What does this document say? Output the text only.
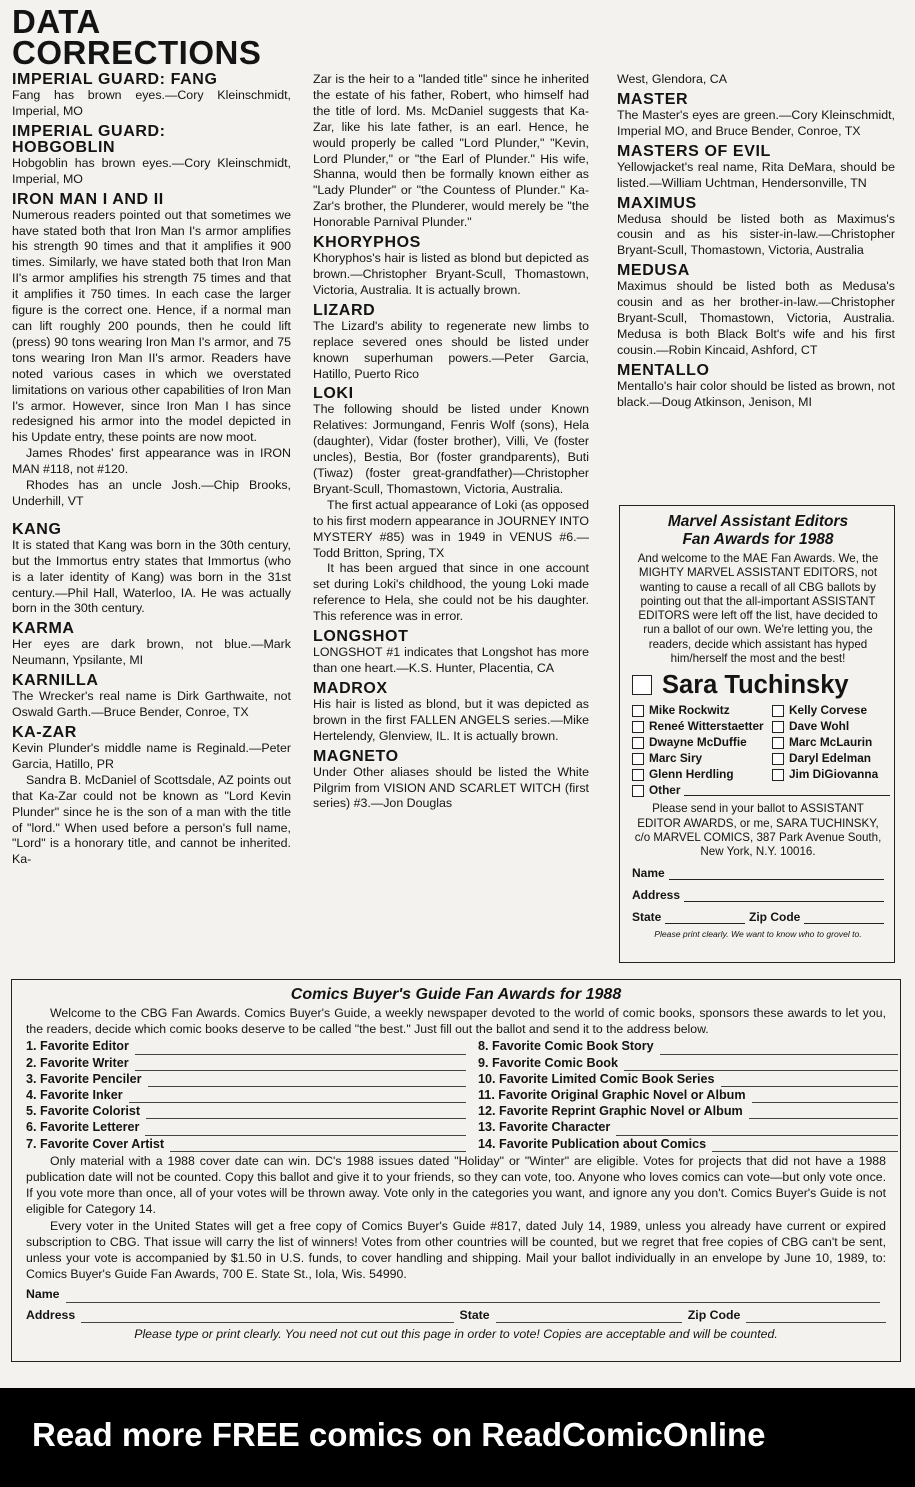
DATA
CORRECTIONS
IMPERIAL GUARD: FANG

Fang has brown eyes.—Cory Kleinschmidt, Imperial, MO

IMPERIAL GUARD:
HOBGOBLIN

Hobgoblin has brown eyes.—Cory Kleinschmidt, Imperial, MO

IRON MAN I AND II

Numerous readers pointed out that sometimes we have stated both that Iron Man I's armor amplifies his strength 90 times and that it amplifies it 900 times. Similarly, we have stated both that Iron Man II's armor amplifies his strength 75 times and that it amplifies it 750 times. In each case the larger figure is the correct one. Hence, if a normal man can lift roughly 200 pounds, then he could lift (press) 90 tons wearing Iron Man I's armor, and 75 tons wearing Iron Man II's armor. Readers have noted various cases in which we overstated limitations on various other capabilities of Iron Man I's armor. However, since Iron Man I has since redesigned his armor into the model depicted in his Update entry, these points are now moot.

James Rhodes' first appearance was in IRON MAN #118, not #120.

Rhodes has an uncle Josh.—Chip Brooks, Underhill, VT

KANG

It is stated that Kang was born in the 30th century, but the Immortus entry states that Immortus (who is a later identity of Kang) was born in the 31st century.—Phil Hall, Waterloo, IA. He was actually born in the 30th century.

KARMA

Her eyes are dark brown, not blue.—Mark Neumann, Ypsilante, MI

KARNILLA

The Wrecker's real name is Dirk Garthwaite, not Oswald Garth.—Bruce Bender, Conroe, TX

KA-ZAR

Kevin Plunder's middle name is Reginald.—Peter Garcia, Hatillo, PR

Sandra B. McDaniel of Scottsdale, AZ points out that Ka-Zar could not be known as "Lord Kevin Plunder" since he is the son of a man with the title of "lord." When used before a person's full name, "Lord" is a honorary title, and cannot be inherited. Ka-

Zar is the heir to a "landed title" since he inherited the estate of his father, Robert, who himself had the title of lord. Ms. McDaniel suggests that Ka-Zar, like his late father, is an earl. Hence, he would properly be called "Lord Plunder," "Kevin, Lord Plunder," or "the Earl of Plunder." His wife, Shanna, would then be formally known either as "Lady Plunder" or "the Countess of Plunder." Ka-Zar's brother, the Plunderer, would merely be "the Honorable Parnival Plunder."

KHORYPHOS

Khoryphos's hair is listed as blond but depicted as brown.—Christopher Bryant-Scull, Thomastown, Victoria, Australia. It is actually brown.

LIZARD

The Lizard's ability to regenerate new limbs to replace severed ones should be listed under known superhuman powers.—Peter Garcia, Hatillo, Puerto Rico

LOKI

The following should be listed under Known Relatives: Jormungand, Fenris Wolf (sons), Hela (daughter), Vidar (foster brother), Villi, Ve (foster uncles), Bestia, Bor (foster grandparents), Buti (Tiwaz) (foster great-grandfather)—Christopher Bryant-Scull, Thomastown, Victoria, Australia.

The first actual appearance of Loki (as opposed to his first modern appearance in JOURNEY INTO MYSTERY #85) was in 1949 in VENUS #6.—Todd Britton, Spring, TX

It has been argued that since in one account set during Loki's childhood, the young Loki made reference to Hela, she could not be his daughter. This reference was in error.

LONGSHOT

LONGSHOT #1 indicates that Longshot has more than one heart.—K.S. Hunter, Placentia, CA

MADROX

His hair is listed as blond, but it was depicted as brown in the first FALLEN ANGELS series.—Mike Hertelendy, Glenview, IL. It is actually brown.

MAGNETO

Under Other aliases should be listed the White Pilgrim from VISION AND SCARLET WITCH (first series) #3.—Jon Douglas

West, Glendora, CA

MASTER

The Master's eyes are green.—Cory Kleinschmidt, Imperial MO, and Bruce Bender, Conroe, TX

MASTERS OF EVIL

Yellowjacket's real name, Rita DeMara, should be listed.—William Uchtman, Hendersonville, TN

MAXIMUS

Medusa should be listed both as Maximus's cousin and as his sister-in-law.—Christopher Bryant-Scull, Thomastown, Victoria, Australia

MEDUSA

Maximus should be listed both as Medusa's cousin and as her brother-in-law.—Christopher Bryant-Scull, Thomastown, Victoria, Australia. Medusa is both Black Bolt's wife and his first cousin.—Robin Kincaid, Ashford, CT

MENTALLO

Mentallo's hair color should be listed as brown, not black.—Doug Atkinson, Jenison, MI

Marvel Assistant Editors
Fan Awards for 1988

And welcome to the MAE Fan Awards. We, the MIGHTY MARVEL ASSISTANT EDITORS, not wanting to cause a recall of all CBG ballots by pointing out that the all-important ASSISTANT EDITORS were left off the list, have decided to run a ballot of our own. We're letting you, the readers, decide which assistant has hyped him/herself the most and the best!

Sara Tuchinsky
Mike Rockwitz	Kelly Corvese
Reneé Witterstaetter Dave Wohl
Dwayne McDuffie	Marc McLaurin
Marc Siry	Daryl Edelman
Glenn Herdling	Jim DiGiovanna
Other

Please send in your ballot to ASSISTANT EDITOR AWARDS, or me, SARA TUCHINSKY, c/o MARVEL COMICS, 387 Park Avenue South, New York, N.Y. 10016.

Name
Address
State	Zip Code
Please print clearly. We want to know who to grovel to.
Comics Buyer's Guide Fan Awards for 1988

Welcome to the CBG Fan Awards. Comics Buyer's Guide, a weekly newspaper devoted to the world of comic books, sponsors these awards to let you, the readers, decide which comic books deserve to be called "the best." Just fill out the ballot and send it to the address below.

1. Favorite Editor
2. Favorite Writer
3. Favorite Penciler
4. Favorite Inker
5. Favorite Colorist
6. Favorite Letterer
7. Favorite Cover Artist
8. Favorite Comic Book Story
9. Favorite Comic Book
10. Favorite Limited Comic Book Series
11. Favorite Original Graphic Novel or Album
12. Favorite Reprint Graphic Novel or Album
13. Favorite Character
14. Favorite Publication about Comics

Only material with a 1988 cover date can win. DC's 1988 issues dated "Holiday" or "Winter" are eligible. Votes for projects that did not have a 1988 publication date will not be counted. Copy this ballot and give it to your friends, so they can vote, too. Anyone who loves comics can vote—but only vote once. If you vote more than once, all of your votes will be thrown away. Vote only in the categories you want, and ignore any you don't. Comics Buyer's Guide is not eligible for Category 14.

Every voter in the United States will get a free copy of Comics Buyer's Guide #817, dated July 14, 1989, unless you already have current or expired subscription to CBG. That issue will carry the list of winners! Votes from other countries will be counted, but we regret that free copies of CBG can't be sent, unless your vote is accompanied by $1.50 in U.S. funds, to cover handling and shipping. Mail your ballot individually in an envelope by June 10, 1989, to: Comics Buyer's Guide Fan Awards, 700 E. State St., Iola, Wis. 54990.

Name
Address	State	Zip Code
Please type or print clearly. You need not cut out this page in order to vote! Copies are acceptable and will be counted.
Read more FREE comics on ReadComicOnline
